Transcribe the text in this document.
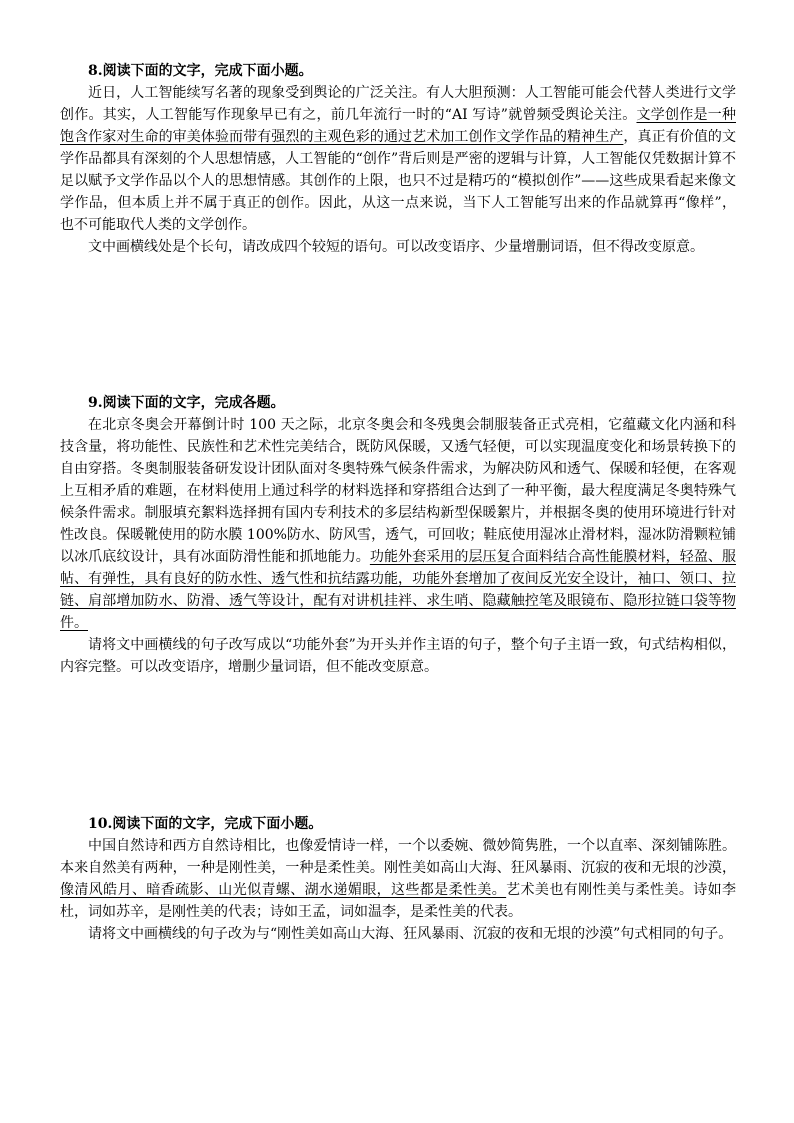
8.阅读下面的文字，完成下面小题。

近日，人工智能续写名著的现象受到舆论的广泛关注。有人大胆预测：人工智能可能会代替人类进行文学创作。其实，人工智能写作现象早已有之，前几年流行一时的“AI 写诗”就曾频受舆论关注。文学创作是一种饱含作家对生命的审美体验而带有强烈的主观色彩的通过艺术加工创作文学作品的精神生产，真正有价值的文学作品都具有深刻的个人思想情感，人工智能的“创作”背后则是严密的逻辑与计算，人工智能仅凭数据计算不足以赋予文学作品以个人的思想情感。其创作的上限，也只不过是精巧的“模拟创作”——这些成果看起来像文学作品，但本质上并不属于真正的创作。因此，从这一点来说，当下人工智能写出来的作品就算再“像样”， 也不可能取代人类的文学创作。

文中画横线处是个长句，请改成四个较短的语句。可以改变语序、少量增删词语，但不得改变原意。

9.阅读下面的文字，完成各题。

在北京冬奥会开幕倒计时 100 天之际，北京冬奥会和冬残奥会制服装备正式亮相，它蕴藏文化内涵和科技含量，将功能性、民族性和艺术性完美结合，既防风保暖，又透气轻便，可以实现温度变化和场景转换下的自由穿搭。冬奥制服装备研发设计团队面对冬奥特殊气候条件需求，为解决防风和透气、保暖和轻便，在客观上互相矛盾的难题，在材料使用上通过科学的材料选择和穿搭组合达到了一种平衡，最大程度满足冬奥特殊气候条件需求。制服填充絮料选择拥有国内专利技术的多层结构新型保暖絮片，并根据冬奥的使用环境进行针对性改良。保暖靴使用的防水膜 100%防水、防风雪，透气，可回收；鞋底使用湿冰止滑材料，湿冰防滑颗粒铺以冰爪底纹设计，具有冰面防滑性能和抓地能力。功能外套采用的层压复合面料结合高性能膜材料，轻盈、服帖、有弹性，具有良好的防水性、透气性和抗结露功能，功能外套增加了夜间反光安全设计，袖口、领口、拉链、肩部增加防水、防滑、透气等设计，配有对讲机挂袢、求生哨、隐藏触控笔及眼镜布、隐形拉链口袋等物件。

请将文中画横线的句子改写成以“功能外套”为开头并作主语的句子，整个句子主语一致，句式结构相似，内容完整。可以改变语序，增删少量词语，但不能改变原意。

10.阅读下面的文字，完成下面小题。

中国自然诗和西方自然诗相比，也像爱情诗一样，一个以委婉、微妙简隽胜，一个以直率、深刻铺陈胜。本来自然美有两种，一种是刚性美，一种是柔性美。刚性美如高山大海、狂风暴雨、沉寂的夜和无垠的沙漠，像清风皓月、暗香疏影、山光似青螺、湖水递媚眼，这些都是柔性美。艺术美也有刚性美与柔性美。诗如李杜，词如苏辛，是刚性美的代表；诗如王孟，词如温李，是柔性美的代表。

请将文中画横线的句子改为与“刚性美如高山大海、狂风暴雨、沉寂的夜和无垠的沙漠”句式相同的句子。
